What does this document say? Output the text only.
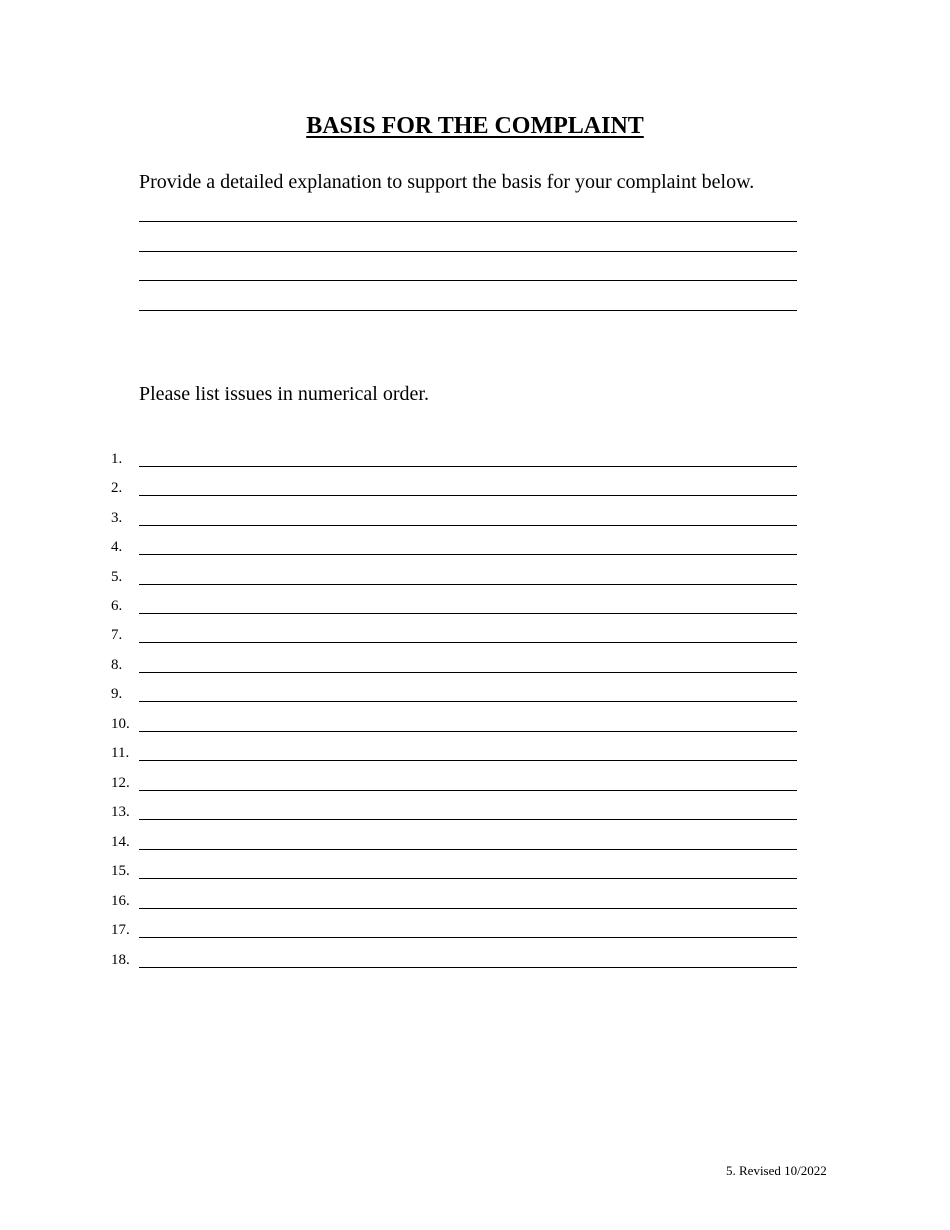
BASIS FOR THE COMPLAINT
Provide a detailed explanation to support the basis for your complaint below.
Please list issues in numerical order.
1.
2.
3.
4.
5.
6.
7.
8.
9.
10.
11.
12.
13.
14.
15.
16.
17.
18.
5. Revised 10/2022
